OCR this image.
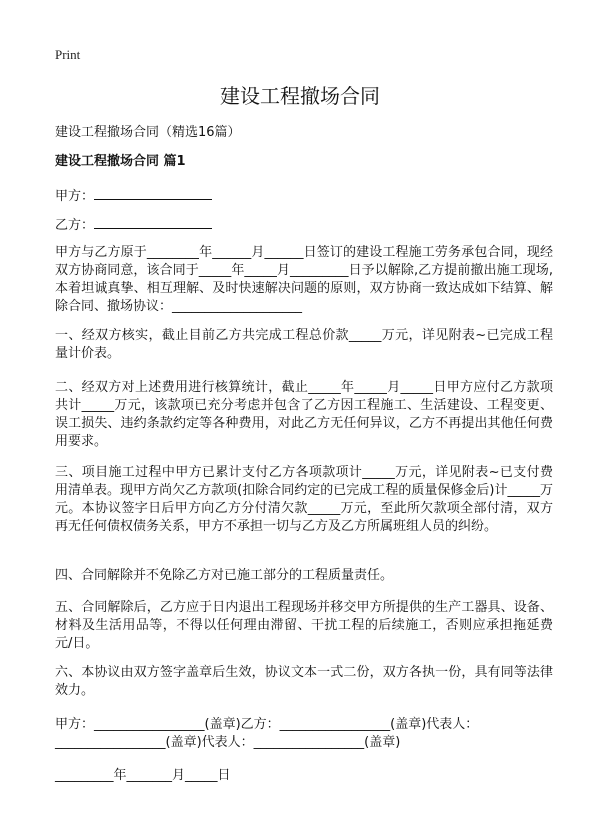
Print
建设工程撤场合同
建设工程撤场合同（精选16篇）
建设工程撤场合同 篇1
甲方：
乙方：
甲方与乙方原于________年______月______日签订的建设工程施工劳务承包合同，现经双方协商同意，该合同于_____年_____月_________日予以解除,乙方提前撤出施工现场,本着坦诚真挚、相互理解、及时快速解决问题的原则，双方协商一致达成如下结算、解除合同、撤场协议：____________________
一、经双方核实，截止目前乙方共完成工程总价款_____万元，详见附表~已完成工程量计价表。
二、经双方对上述费用进行核算统计，截止_____年_____月_____日甲方应付乙方款项共计_____万元，该款项已充分考虑并包含了乙方因工程施工、生活建设、工程变更、误工损失、违约条款约定等各种费用，对此乙方无任何异议，乙方不再提出其他任何费用要求。
三、项目施工过程中甲方已累计支付乙方各项款项计_____万元，详见附表~已支付费用清单表。现甲方尚欠乙方款项(扣除合同约定的已完成工程的质量保修金后)计_____万元。本协议签字日后甲方向乙方分付清欠款_____万元，至此所欠款项全部付清，双方再无任何债权债务关系，甲方不承担一切与乙方及乙方所属班组人员的纠纷。
四、合同解除并不免除乙方对已施工部分的工程质量责任。
五、合同解除后，乙方应于日内退出工程现场并移交甲方所提供的生产工器具、设备、材料及生活用品等，不得以任何理由滞留、干扰工程的后续施工，否则应承担拖延费元/日。
六、本协议由双方签字盖章后生效，协议文本一式二份，双方各执一份，具有同等法律效力。
甲方：_________________(盖章)乙方：_________________(盖章)代表人：
_________________(盖章)代表人：_________________(盖章)
_________年_______月_____日
